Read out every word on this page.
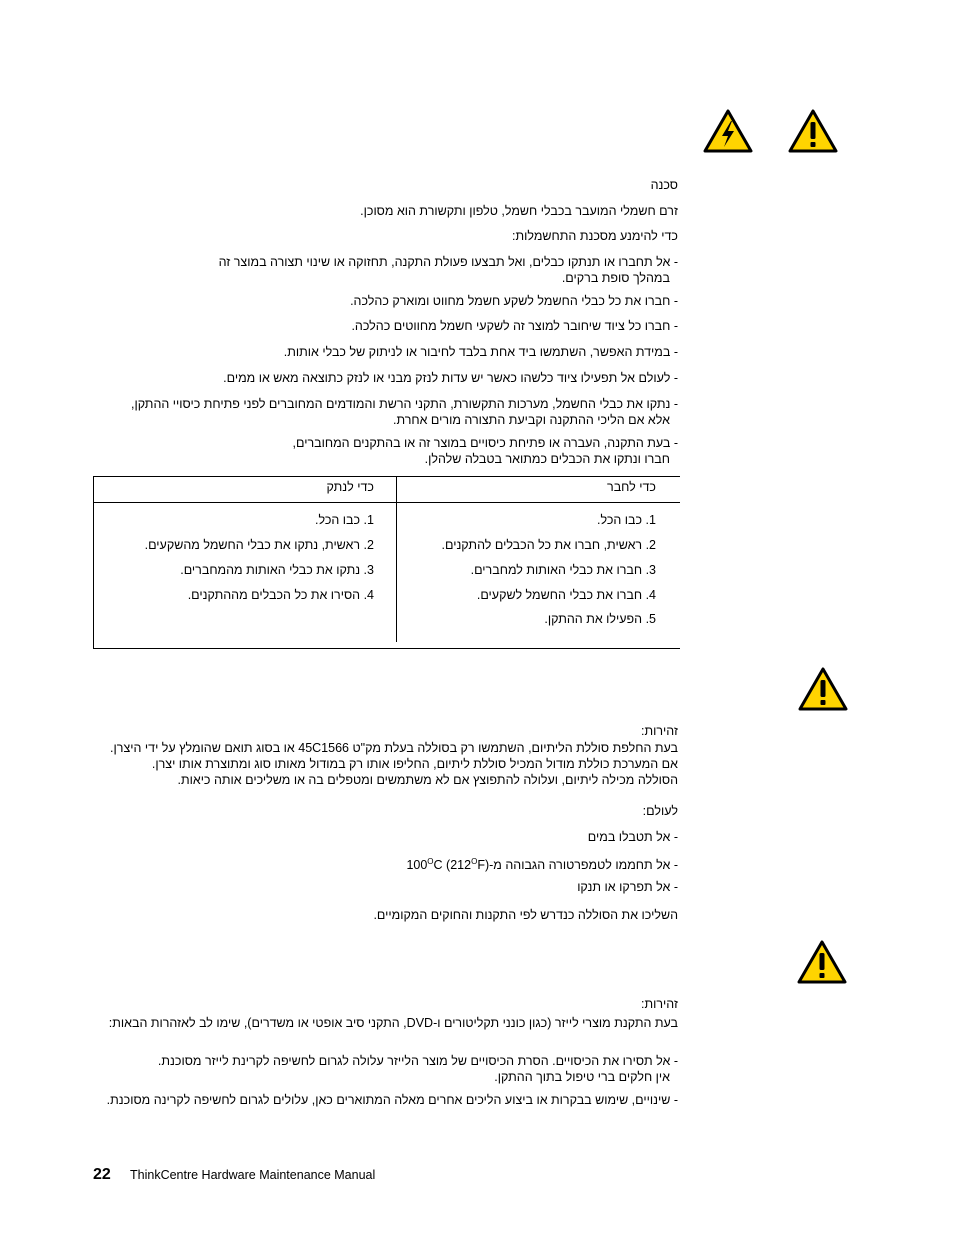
סכנה
זרם חשמלי המועבר בכבלי חשמל, טלפון ותקשורת הוא מסוכן.
כדי להימנע מסכנת התחשמלות:
- אל תחברו או תנתקו כבלים, ואל תבצעו פעולת התקנה, תחזוקה או שינוי תצורה במוצר זה
במהלך סופת ברקים.
- חברו את כל כבלי החשמל לשקע חשמל מחווט ומוארק כהלכה.
- חברו כל ציוד שיחובר למוצר זה לשקעי חשמל מחווטים כהלכה.
- במידת האפשר, השתמשו ביד אחת בלבד לחיבור או לניתוק של כבלי אותות.
- לעולם אל תפעילו ציוד כלשהו כאשר יש עדות לנזק מבני או לנזק כתוצאה מאש או ממים.
- נתקו את כבלי החשמל, מערכות התקשורת, התקני הרשת והמודמים המחוברים לפני פתיחת כיסויי ההתקן,
אלא אם הליכי ההתקנה וקביעת התצורה מורים אחרת.
- בעת התקנה, העברה או פתיחת כיסויים במוצר זה או בהתקנים המחוברים,
חברו ונתקו את הכבלים כמתואר בטבלה שלהלן.
כדי לחבר
כדי לנתק
1. כבו הכל.
2. ראשית, חברו את כל הכבלים להתקנים.
3. חברו את כבלי האותות למחברים.
4. חברו את כבלי החשמל לשקעים.
5. הפעילו את ההתקן.
1. כבו הכל.
2. ראשית, נתקו את כבלי החשמל מהשקעים.
3. נתקו את כבלי האותות מהמחברים.
4. הסירו את כל הכבלים מההתקנים.
זהירות:
בעת החלפת סוללת הליתיום, השתמשו רק בסוללה בעלת מק"ט 45C1566 או בסוג תואם שהומלץ על ידי היצרן.
אם המערכת כוללת מודול המכיל סוללת ליתיום, החליפו אותו רק במודול מאותו סוג ומתוצרת אותו יצרן.
הסוללה מכילה ליתיום, ועלולה להתפוצץ אם לא משתמשים ומטפלים בה או משליכים אותה כיאות.
לעולם:
- אל תטבלו במים
- אל תחממו לטמפרטורה הגבוהה $מ-100^OC$ $(212^OF)$
- אל תפרקו או תנקו
השליכו את הסוללה כנדרש לפי התקנות והחוקים המקומיים.
זהירות:
בעת התקנת מוצרי לייזר (כגון כונני תקליטורים ו-DVD, התקני סיב אופטי או משדרים), שימו לב לאזהרות הבאות:
- אל תסירו את הכיסויים. הסרת הכיסויים של מוצר הלייזר עלולה לגרום לחשיפה לקרינת לייזר מסוכנת.
אין חלקים ברי טיפול בתוך ההתקן.
- שינויים, שימוש בבקרות או ביצוע הליכים אחרים מאלה המתוארים כאן, עלולים לגרום לחשיפה לקרינה מסוכנת.
22 ThinkCentre Hardware Maintenance Manual
